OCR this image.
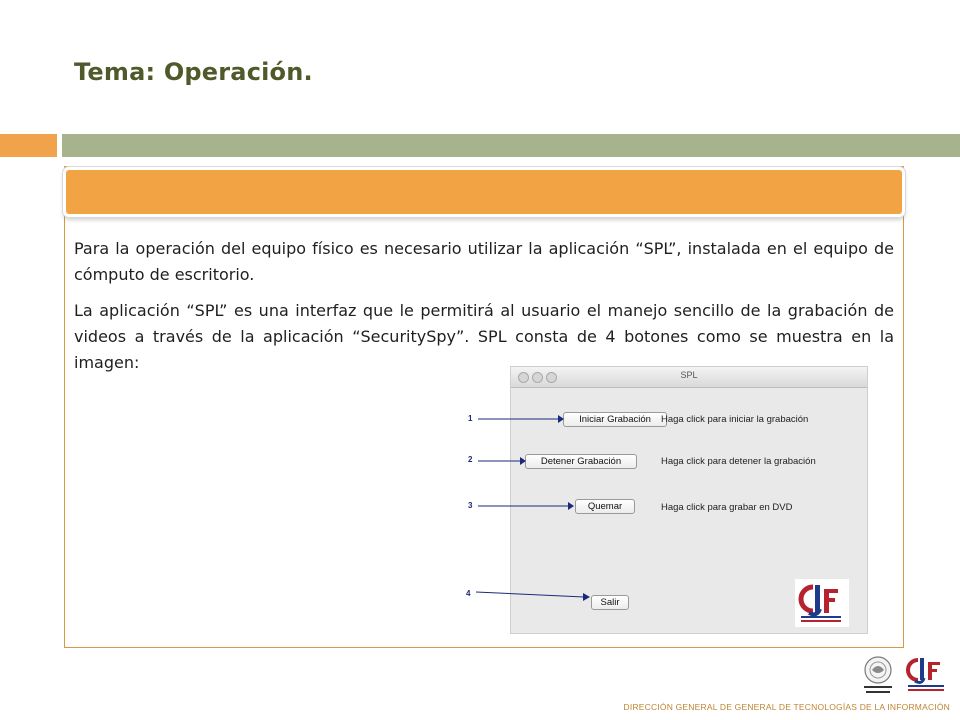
Tema: Operación.
Para la operación del equipo físico es necesario utilizar la aplicación “SPL”, instalada en el equipo de cómputo de escritorio.
La aplicación “SPL” es una interfaz que le permitirá al usuario el manejo sencillo de la grabación de videos a través de la aplicación “SecuritySpy”. SPL consta de 4 botones como se muestra en la imagen:
SPL
Iniciar Grabación	Haga click para iniciar la grabación
Detener Grabación	Haga click para detener la grabación
Quemar	Haga click para grabar en DVD
Salir
1
2
3
4
DIRECCIÓN GENERAL DE GENERAL DE TECNOLOGÍAS DE LA INFORMACIÓN
